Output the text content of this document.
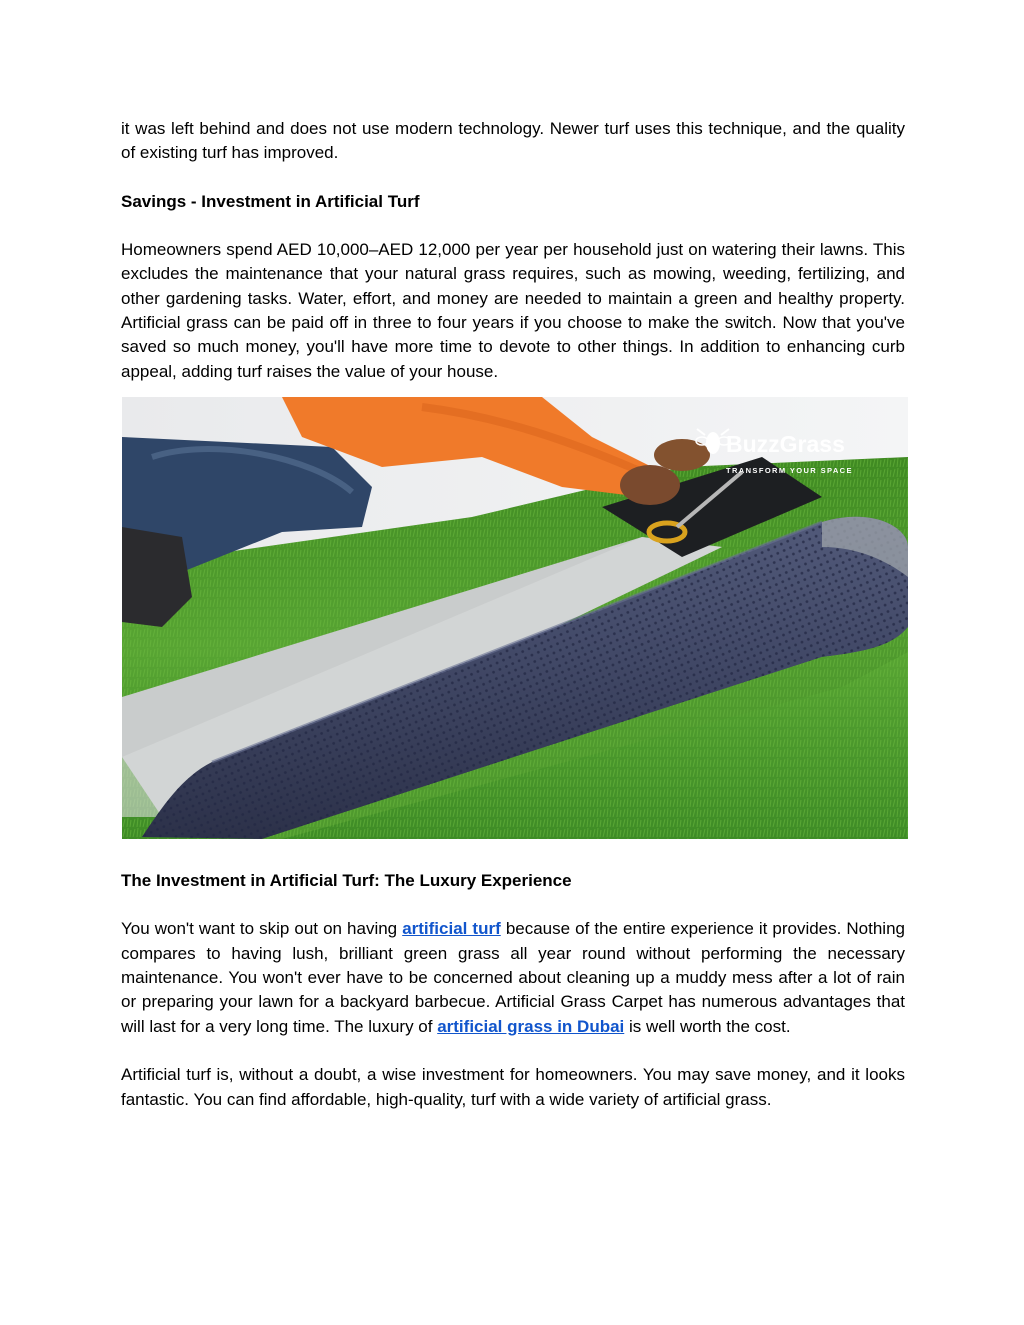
it was left behind and does not use modern technology. Newer turf uses this technique, and the quality of existing turf has improved.

Savings - Investment in Artificial Turf

Homeowners spend AED 10,000–AED 12,000 per year per household just on watering their lawns. This excludes the maintenance that your natural grass requires, such as mowing, weeding, fertilizing, and other gardening tasks. Water, effort, and money are needed to maintain a green and healthy property. Artificial grass can be paid off in three to four years if you choose to make the switch. Now that you've saved so much money, you'll have more time to devote to other things. In addition to enhancing curb appeal, adding turf raises the value of your house.

BuzzGrass
TRANSFORM YOUR SPACE
The Investment in Artificial Turf: The Luxury Experience

You won't want to skip out on having artificial turf because of the entire experience it provides. Nothing compares to having lush, brilliant green grass all year round without performing the necessary maintenance. You won't ever have to be concerned about cleaning up a muddy mess after a lot of rain or preparing your lawn for a backyard barbecue. Artificial Grass Carpet has numerous advantages that will last for a very long time. The luxury of artificial grass in Dubai is well worth the cost.

Artificial turf is, without a doubt, a wise investment for homeowners. You may save money, and it looks fantastic. You can find affordable, high-quality, turf with a wide variety of artificial grass.
